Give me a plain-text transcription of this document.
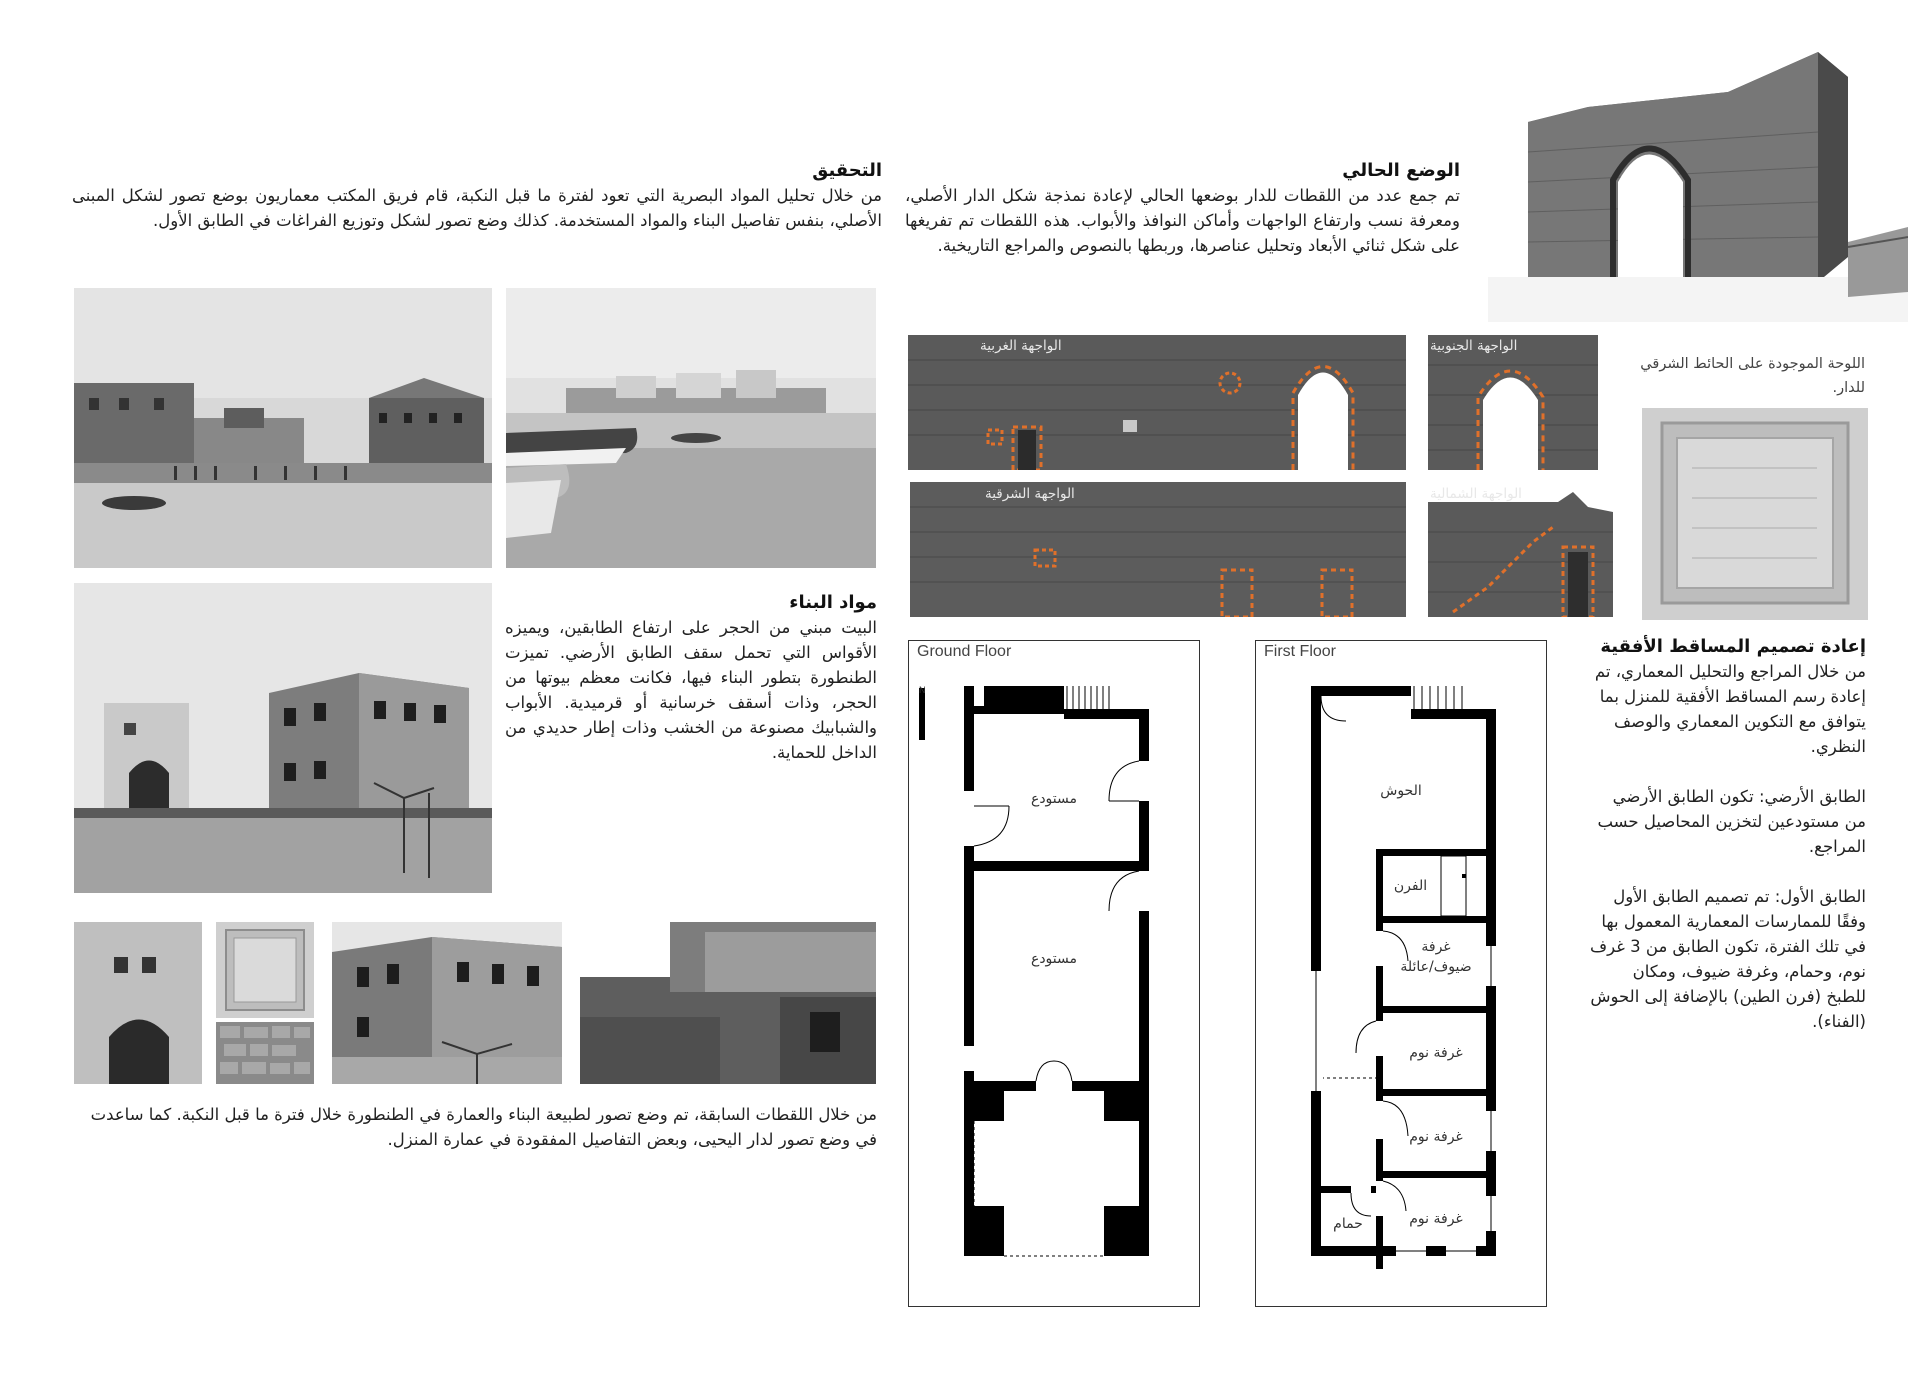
الوضع الحالي
تم جمع عدد من اللقطات للدار بوضعها الحالي لإعادة نمذجة شكل الدار الأصلي، ومعرفة نسب وارتفاع الواجهات وأماكن النوافذ والأبواب. هذه اللقطات تم تفريغها على شكل ثنائي الأبعاد وتحليل عناصرها، وربطها بالنصوص والمراجع التاريخية.
التحقيق
من خلال تحليل المواد البصرية التي تعود لفترة ما قبل النكبة، قام فريق المكتب معماريون بوضع تصور لشكل المبنى الأصلي، بنفس تفاصيل البناء والمواد المستخدمة. كذلك وضع تصور لشكل وتوزيع الفراغات في الطابق الأول.
الواجهة الغربية	الواجهة الجنوبية
الواجهة الشرقية	الواجهة الشمالية
اللوحة الموجودة على الحائط الشرقي للدار.
مواد البناء
البيت مبني من الحجر على ارتفاع الطابقين، ويميزه الأقواس التي تحمل سقف الطابق الأرضي. تميزت الطنطورة بتطور البناء فيها، فكانت معظم بيوتها من الحجر، وذات أسقف خرسانية أو قرميدية. الأبواب والشبابيك مصنوعة من الخشب وذات إطار حديدي من الداخل للحماية.
من خلال اللقطات السابقة، تم وضع تصور لطبيعة البناء والعمارة في الطنطورة خلال فترة ما قبل النكبة. كما ساعدت في وضع تصور لدار اليحيى، وبعض التفاصيل المفقودة في عمارة المنزل.
إعادة تصميم المساقط الأفقية
من خلال المراجع والتحليل المعماري، تم إعادة رسم المساقط الأفقية للمنزل بما يتوافق مع التكوين المعماري والوصف النظري.
الطابق الأرضي: تكون الطابق الأرضي من مستودعين لتخزين المحاصيل حسب المراجع.
الطابق الأول: تم تصميم الطابق الأول وفقًا للممارسات المعمارية المعمول بها في تلك الفترة، تكون الطابق من 3 غرف نوم، وحمام، وغرفة ضيوف، ومكان للطبخ (فرن الطين) بالإضافة إلى الحوش (الفناء).
Ground Floor
N
مستودع
مستودع
First Floor
الحوش
الفرن
غرفة
ضيوف/عائلة
غرفة نوم
غرفة نوم
غرفة نوم
حمام
